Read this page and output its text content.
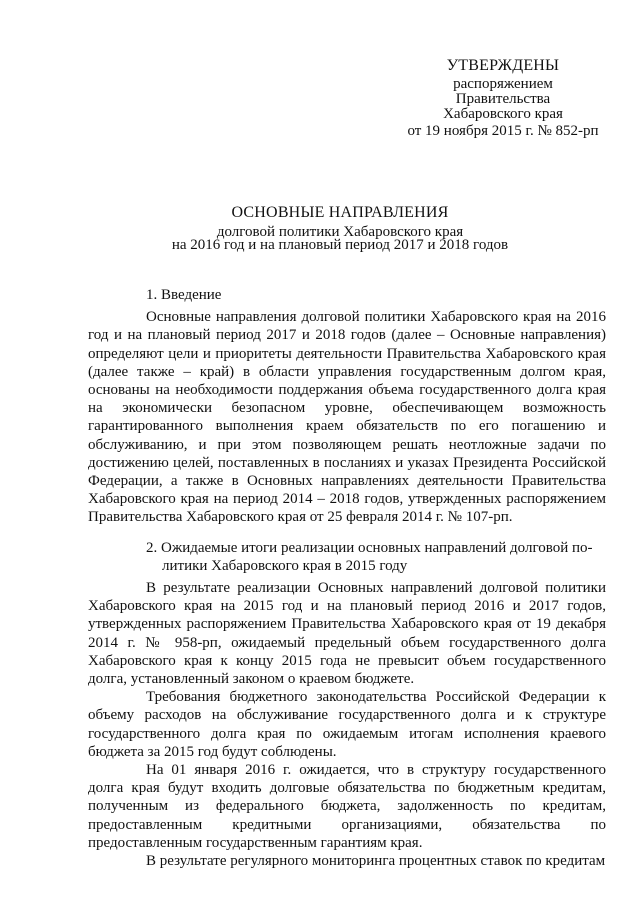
УТВЕРЖДЕНЫ
распоряжением
Правительства
Хабаровского края
от 19 ноября 2015 г. № 852-рп
ОСНОВНЫЕ НАПРАВЛЕНИЯ
долговой политики Хабаровского края
на 2016 год и на плановый период 2017 и 2018 годов
1. Введение

Основные направления долговой политики Хабаровского края на 2016 год и на плановый период 2017 и 2018 годов (далее – Основные направления) определяют цели и приоритеты деятельности Правительства Хабаровского края (далее также – край) в области управления государственным долгом края, основаны на необходимости поддержания объема государственного долга края на экономически безопасном уровне, обеспечивающем возможность гарантированного выполнения краем обязательств по его погашению и обслуживанию, и при этом позволяющем решать неотложные задачи по достижению целей, поставленных в посланиях и указах Президента Российской Федерации, а также в Основных направлениях деятельности Правительства Хабаровского края на период 2014 – 2018 годов, утвержденных распоряжением Правительства Хабаровского края от 25 февраля 2014 г. № 107-рп.

2. Ожидаемые итоги реализации основных направлений долговой по-
литики Хабаровского края в 2015 году

В результате реализации Основных направлений долговой политики Хабаровского края на 2015 год и на плановый период 2016 и 2017 годов, утвержденных распоряжением Правительства Хабаровского края от 19 декабря 2014 г. № 958-рп, ожидаемый предельный объем государственного долга Хабаровского края к концу 2015 года не превысит объем государственного долга, установленный законом о краевом бюджете.

Требования бюджетного законодательства Российской Федерации к объему расходов на обслуживание государственного долга и к структуре государственного долга края по ожидаемым итогам исполнения краевого бюджета за 2015 год будут соблюдены.

На 01 января 2016 г. ожидается, что в структуру государственного долга края будут входить долговые обязательства по бюджетным кредитам, полученным из федерального бюджета, задолженность по кредитам, предоставленным кредитными организациями, обязательства по предоставленным государственным гарантиям края.

В результате регулярного мониторинга процентных ставок по кредитам
